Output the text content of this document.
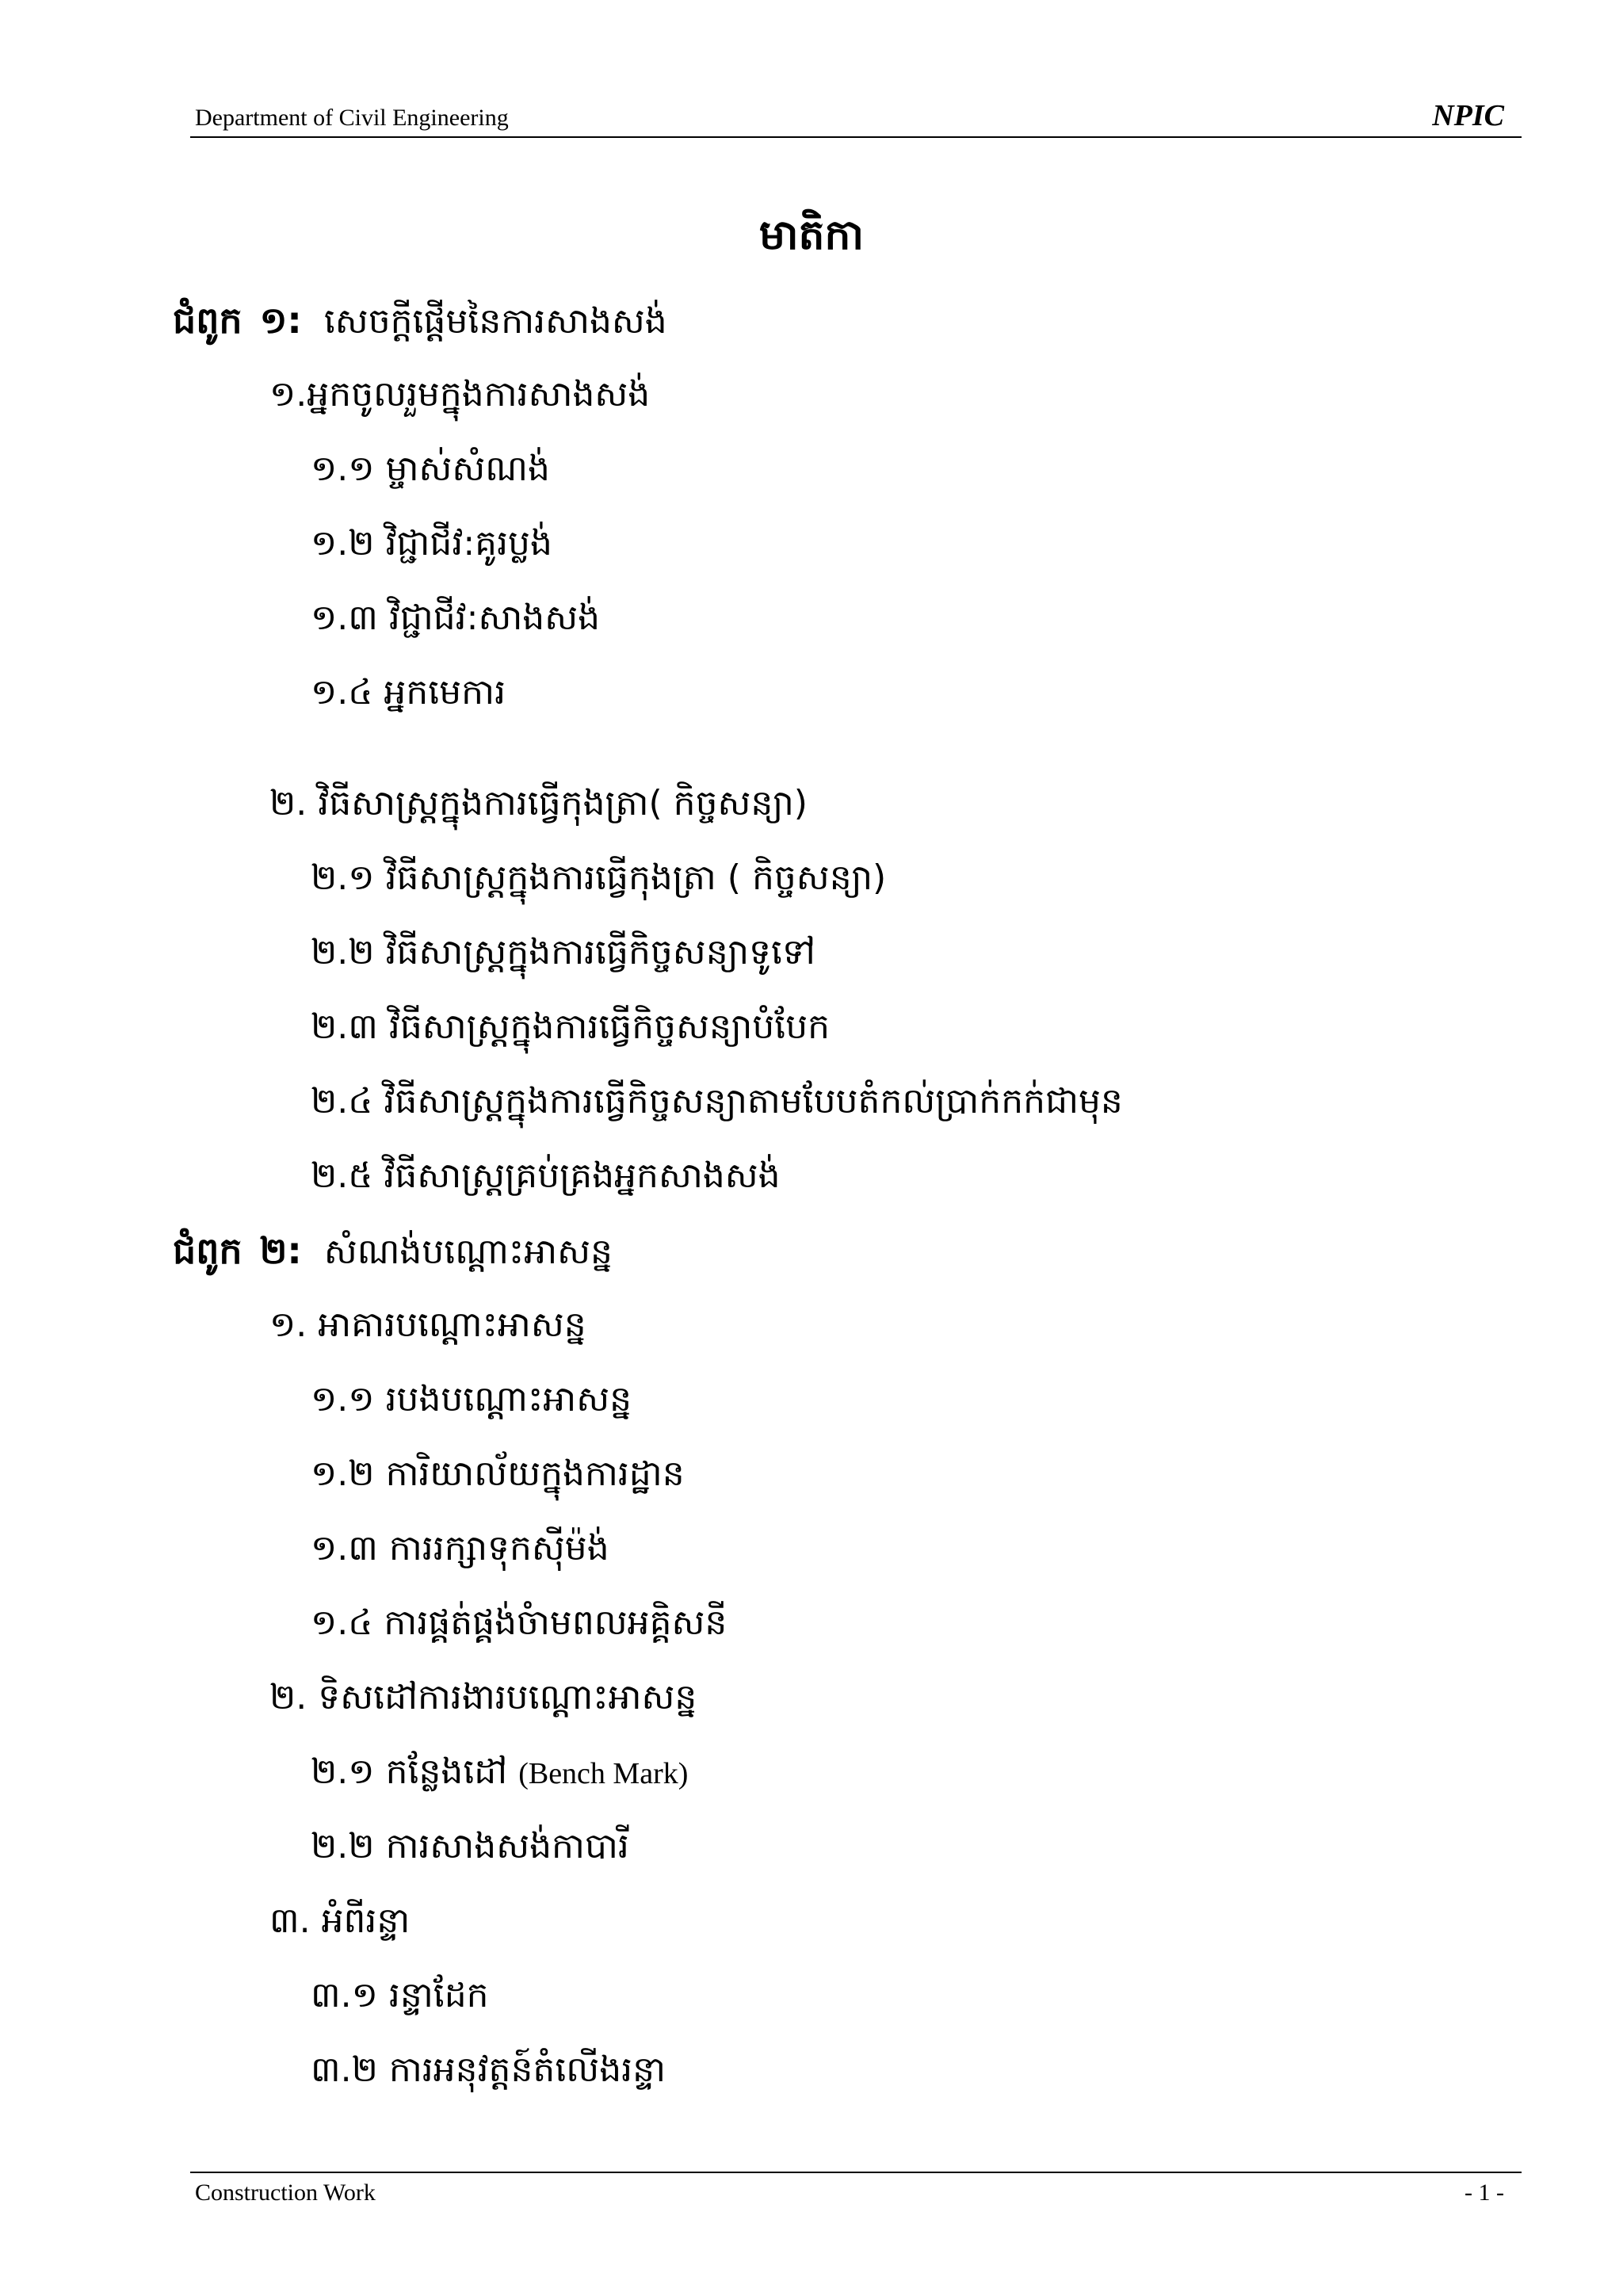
Department of Civil Engineering	NPIC
មាតិកា
ជំពូក ១: សេចក្តីផ្តើមនៃការសាងសង់
១.អ្នកចូលរួមក្នុងការសាងសង់
១.១ ម្ចាស់សំណង់
១.២ វិជ្ជាជីវ:គូរប្លង់
១.៣ វិជ្ជាជីវ:សាងសង់
១.៤ អ្នកមេការ
២. វិធីសាស្ត្រក្នុងការធ្វើកុងត្រា( កិច្ចសន្យា)
២.១ វិធីសាស្ត្រក្នុងការធ្វើកុងត្រា ( កិច្ចសន្យា)
២.២ វិធីសាស្ត្រក្នុងការធ្វើកិច្ចសន្យាទូទៅ
២.៣ វិធីសាស្ត្រក្នុងការធ្វើកិច្ចសន្យាបំបែក
២.៤ វិធីសាស្ត្រក្នុងការធ្វើកិច្ចសន្យាតាមបែបតំកល់ប្រាក់កក់ជាមុន
២.៥ វិធីសាស្ត្រគ្រប់គ្រងអ្នកសាងសង់
ជំពូក ២: សំណង់បណ្តោះអាសន្ន
១. អាគារបណ្តោះអាសន្ន
១.១ របងបណ្តោះអាសន្ន
១.២ ការិយាល័យក្នុងការដ្ឋាន
១.៣ ការរក្សាទុកស៊ីម៉ង់
១.៤ ការផ្គត់ផ្គង់ចំាមពលអគ្គិសនី
២. ទិសដៅការងារបណ្តោះអាសន្ន
២.១ កន្លែងដៅ (Bench Mark)
២.២ ការសាងសង់កាបារី
៣. អំពីរន្ទា
៣.១ រន្ទាដែក
៣.២ ការអនុវត្តន៍តំលើងរន្ទា
Construction Work	- 1 -
